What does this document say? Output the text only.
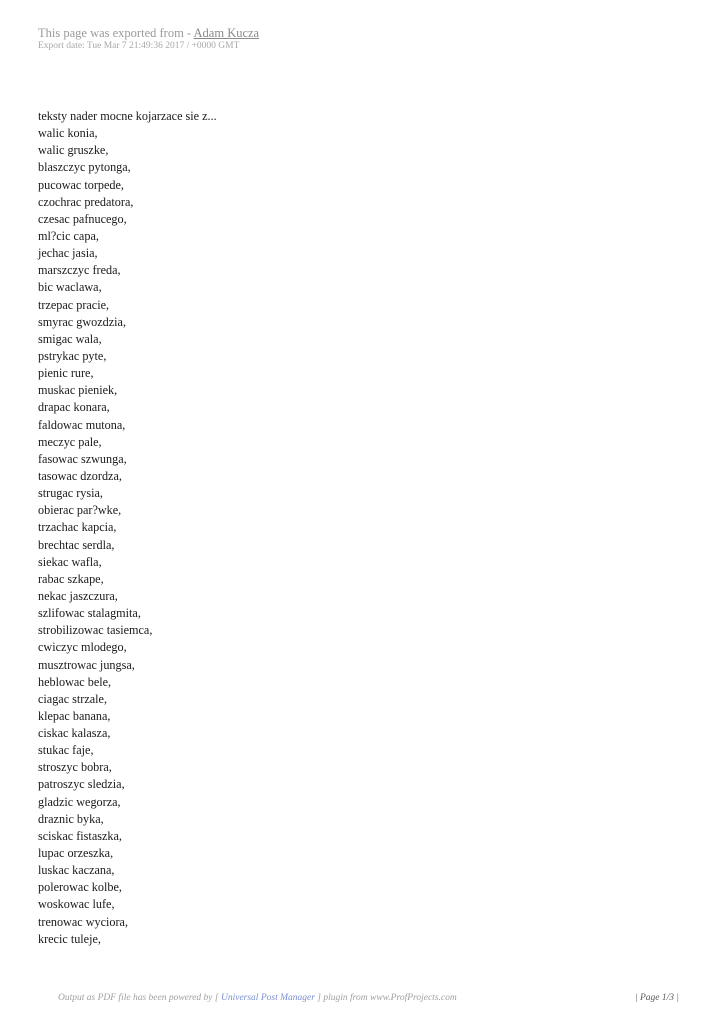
This page was exported from - Adam Kucza
Export date: Tue Mar 7 21:49:36 2017 / +0000 GMT
teksty nader mocne kojarzace sie z...
walic konia,
walic gruszke,
blaszczyc pytonga,
pucowac torpede,
czochrac predatora,
czesac pafnucego,
ml?cic capa,
jechac jasia,
marszczyc freda,
bic waclawa,
trzepac pracie,
smyrac gwozdzia,
smigac wala,
pstrykac pyte,
pienic rure,
muskac pieniek,
drapac konara,
faldowac mutona,
meczyc pale,
fasowac szwunga,
tasowac dzordza,
strugac rysia,
obierac par?wke,
trzachac kapcia,
brechtac serdla,
siekac wafla,
rabac szkape,
nekac jaszczura,
szlifowac stalagmita,
strobilizowac tasiemca,
cwiczyc mlodego,
musztrowac jungsa,
heblowac bele,
ciagac strzale,
klepac banana,
ciskac kalasza,
stukac faje,
stroszyc bobra,
patroszyc sledzia,
gladzic wegorza,
draznic byka,
sciskac fistaszka,
lupac orzeszka,
luskac kaczana,
polerowac kolbe,
woskowac lufe,
trenowac wyciora,
krecic tuleje,
Output as PDF file has been powered by [ Universal Post Manager ] plugin from www.ProfProjects.com	| Page 1/3 |
